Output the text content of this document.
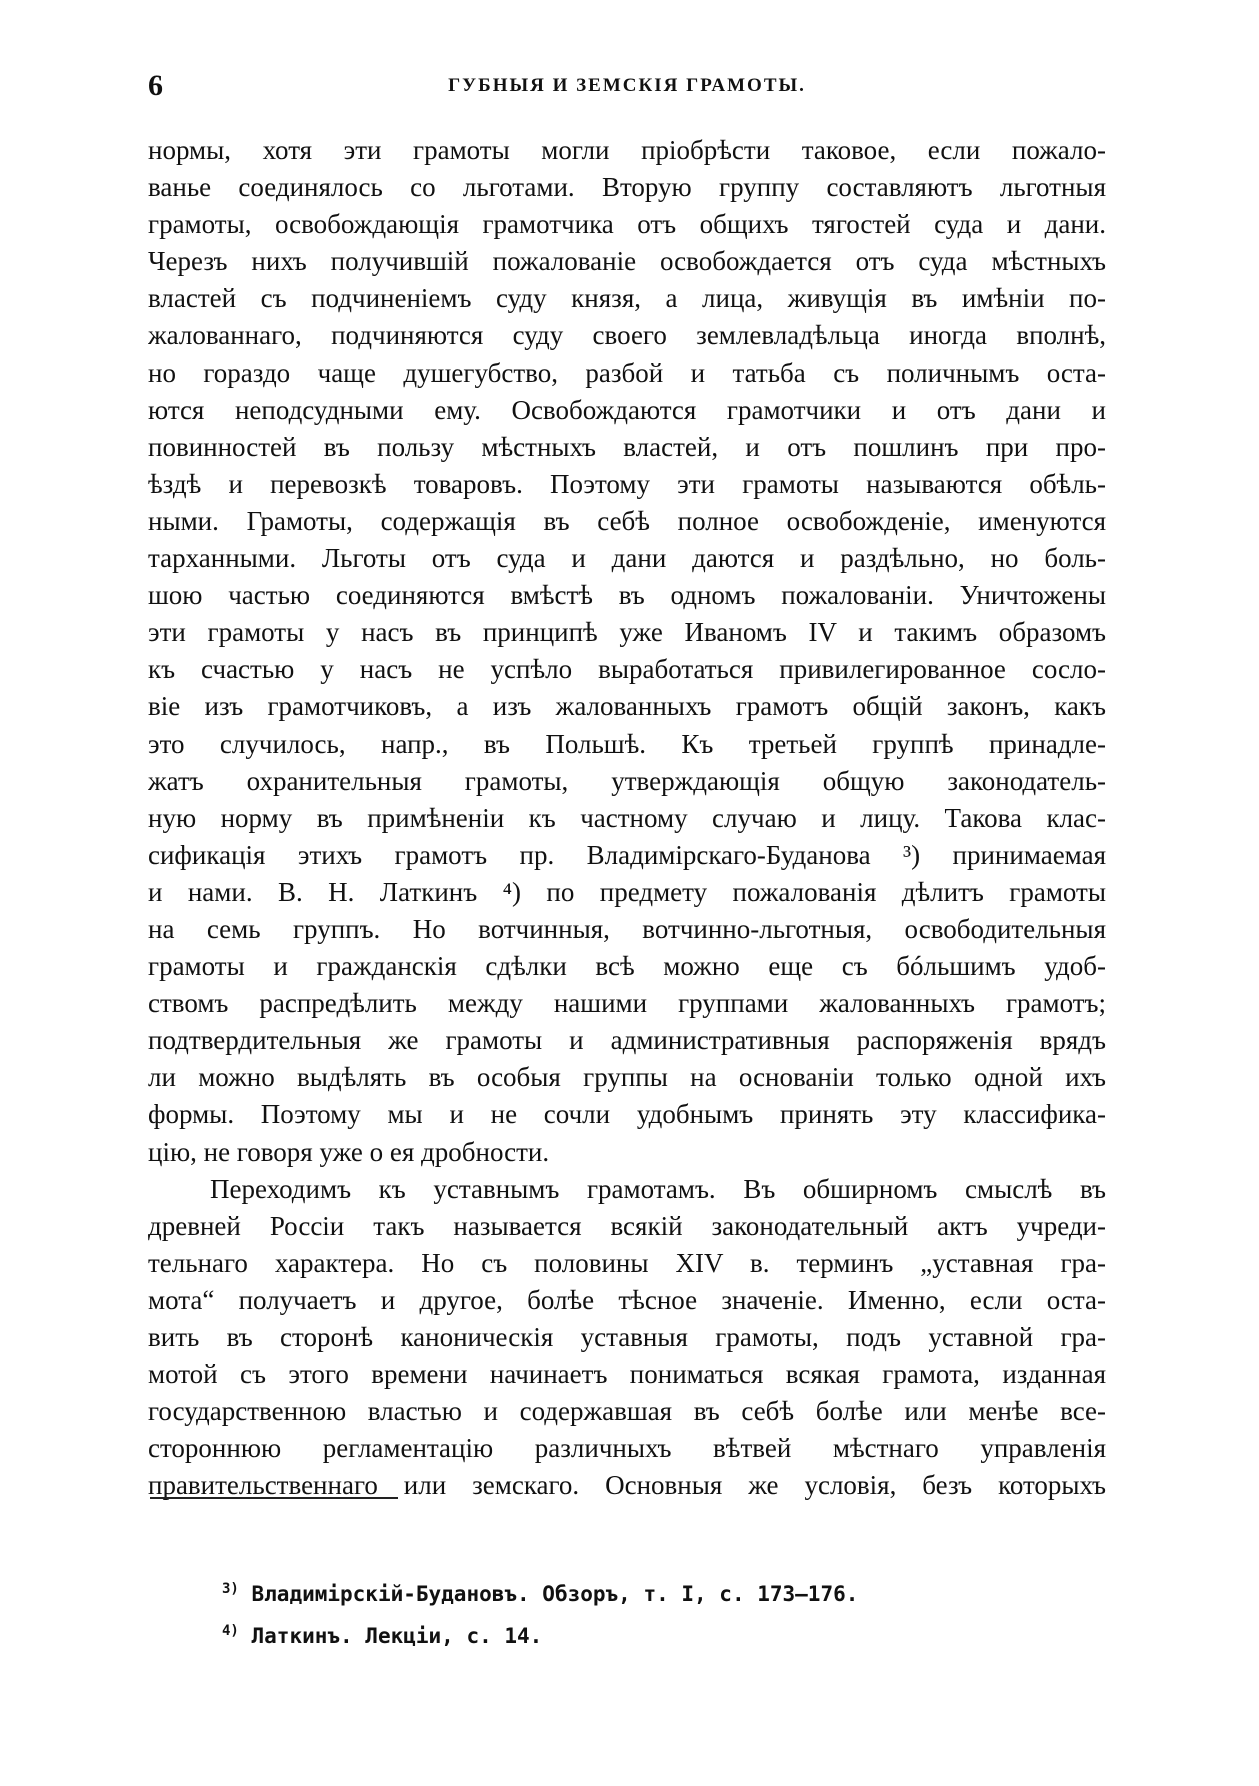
6	ГУБНЫЯ И ЗЕМСКІЯ ГРАМОТЫ.
нормы, хотя эти грамоты могли пріобрѣсти таковое, если пожало-
ванье соединялось со льготами. Вторую группу составляютъ льготныя
грамоты, освобождающія грамотчика отъ общихъ тягостей суда и дани.
Черезъ нихъ получившій пожалованіе освобождается отъ суда мѣстныхъ
властей съ подчиненіемъ суду князя, а лица, живущія въ имѣніи по-
жалованнаго, подчиняются суду своего землевладѣльца иногда вполнѣ,
но гораздо чаще душегубство, разбой и татьба съ поличнымъ оста-
ются неподсудными ему. Освобождаются грамотчики и отъ дани и
повинностей въ пользу мѣстныхъ властей, и отъ пошлинъ при про-
ѣздѣ и перевозкѣ товаровъ. Поэтому эти грамоты называются обѣль-
ными. Грамоты, содержащія въ себѣ полное освобожденіе, именуются
тарханными. Льготы отъ суда и дани даются и раздѣльно, но боль-
шою частью соединяются вмѣстѣ въ одномъ пожалованіи. Уничтожены
эти грамоты у насъ въ принципѣ уже Иваномъ IV и такимъ образомъ
къ счастью у насъ не успѣло выработаться привилегированное сосло-
віе изъ грамотчиковъ, а изъ жалованныхъ грамотъ общій законъ, какъ
это случилось, напр., въ Польшѣ. Къ третьей группѣ принадле-
жатъ охранительныя грамоты, утверждающія общую законодатель-
ную норму въ примѣненіи къ частному случаю и лицу. Такова клас-
сификація этихъ грамотъ пр. Владимірскаго-Буданова ³) принимаемая
и нами. В. Н. Латкинъ ⁴) по предмету пожалованія дѣлитъ грамоты
на семь группъ. Но вотчинныя, вотчинно-льготныя, освободительныя
грамоты и гражданскія сдѣлки всѣ можно еще съ бóльшимъ удоб-
ствомъ распредѣлить между нашими группами жалованныхъ грамотъ;
подтвердительныя же грамоты и административныя распоряженія врядъ
ли можно выдѣлять въ особыя группы на основаніи только одной ихъ
формы. Поэтому мы и не сочли удобнымъ принять эту классифика-
цію, не говоря уже о ея дробности.
Переходимъ къ уставнымъ грамотамъ. Въ обширномъ смыслѣ въ
древней Россіи такъ называется всякій законодательный актъ учреди-
тельнаго характера. Но съ половины XIV в. терминъ „уставная гра-
мота“ получаетъ и другое, болѣе тѣсное значеніе. Именно, если оста-
вить въ сторонѣ каноническія уставныя грамоты, подъ уставной гра-
мотой съ этого времени начинаетъ пониматься всякая грамота, изданная
государственною властью и содержавшая въ себѣ болѣе или менѣе все-
стороннюю регламентацію различныхъ вѣтвей мѣстнаго управленія
правительственнаго или земскаго. Основныя же условія, безъ которыхъ
$^{3)}$ Владимірскій-Будановъ. Обзоръ, т. I, с. 173—176.
$^{4)}$ Латкинъ. Лекціи, с. 14.
